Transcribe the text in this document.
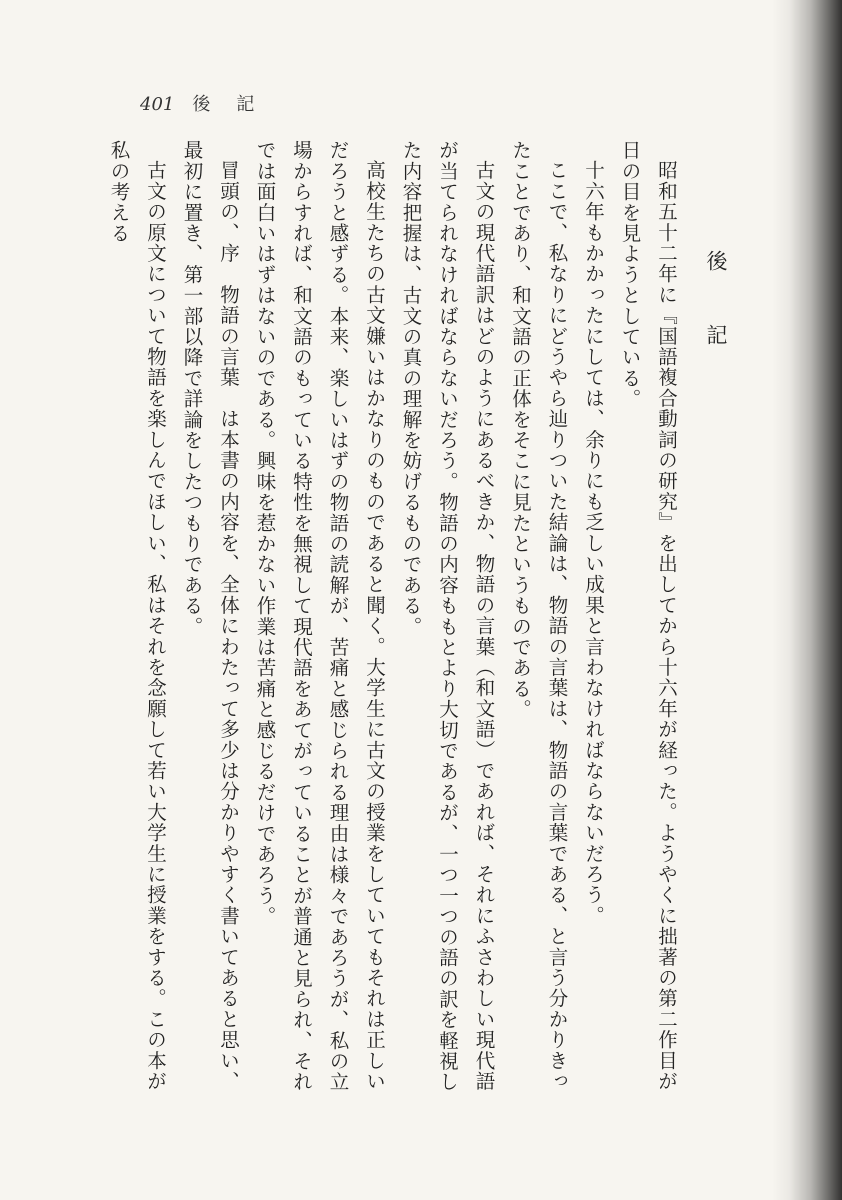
401 後記

後　記

昭和五十二年に『国語複合動詞の研究』を出してから十六年が経った。ようやくに拙著の第二作目が日の目を見ようとしている。

十六年もかかったにしては、余りにも乏しい成果と言わなければならないだろう。

ここで、私なりにどうやら辿りついた結論は、物語の言葉は、物語の言葉である、と言う分かりきったことであり、和文語の正体をそこに見たというものである。

古文の現代語訳はどのようにあるべきか、物語の言葉（和文語）であれば、それにふさわしい現代語が当てられなければならないだろう。物語の内容ももとより大切であるが、一つ一つの語の訳を軽視した内容把握は、古文の真の理解を妨げるものである。

高校生たちの古文嫌いはかなりのものであると聞く。大学生に古文の授業をしていてもそれは正しいだろうと感ずる。本来、楽しいはずの物語の読解が、苦痛と感じられる理由は様々であろうが、私の立場からすれば、和文語のもっている特性を無視して現代語をあてがっていることが普通と見られ、それでは面白いはずはないのである。興味を惹かない作業は苦痛と感じるだけであろう。

冒頭の、序　物語の言葉　は本書の内容を、全体にわたって多少は分かりやすく書いてあると思い、最初に置き、第一部以降で詳論をしたつもりである。

古文の原文について物語を楽しんでほしい、私はそれを念願して若い大学生に授業をする。この本が私の考える
